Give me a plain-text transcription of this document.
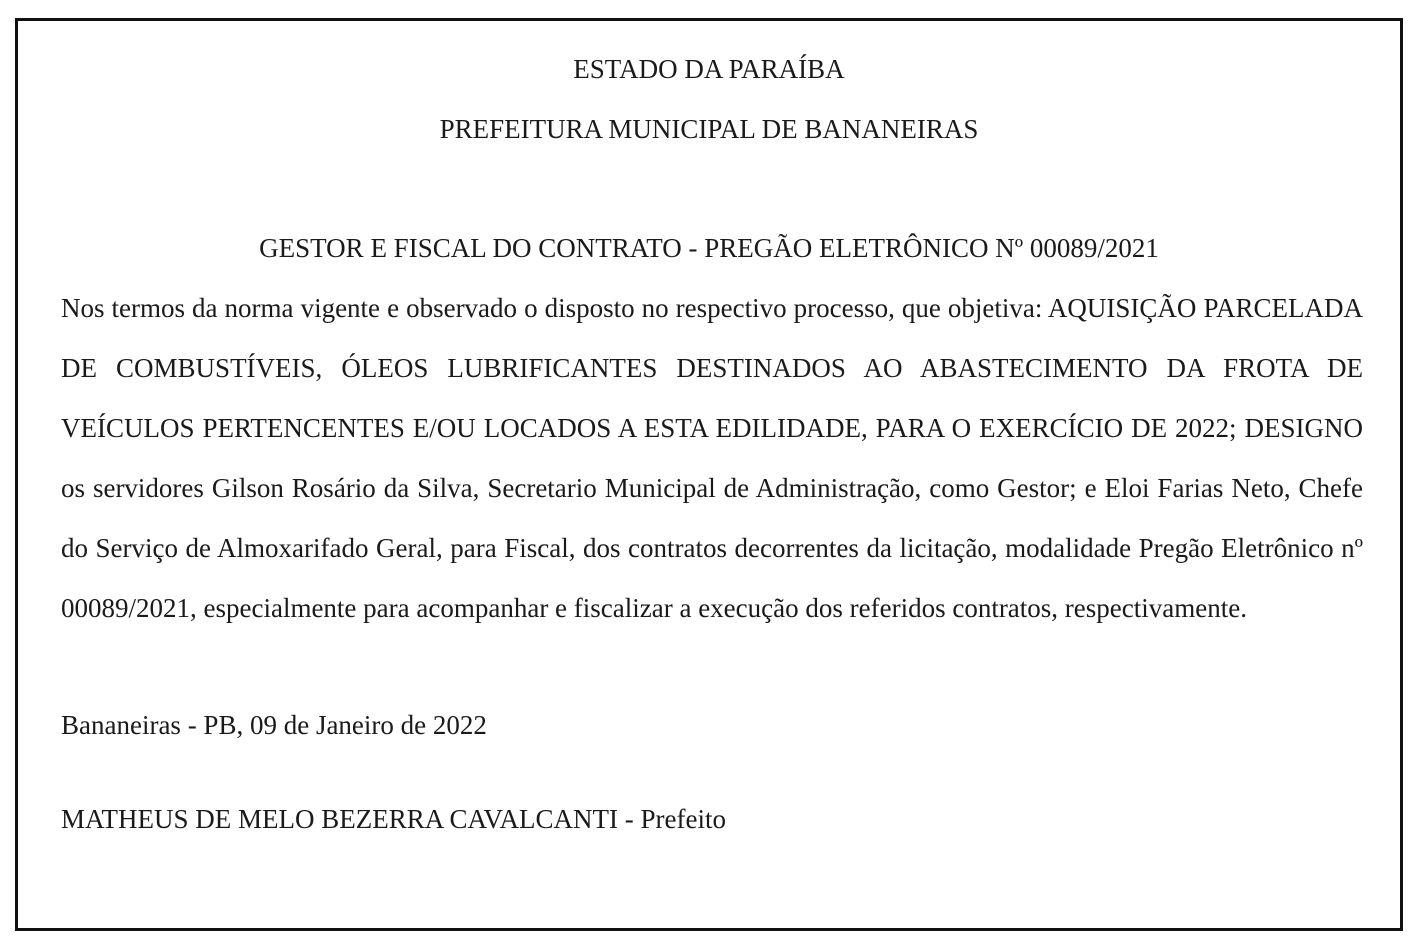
ESTADO DA PARAÍBA
PREFEITURA MUNICIPAL DE BANANEIRAS
GESTOR E FISCAL DO CONTRATO - PREGÃO ELETRÔNICO Nº 00089/2021
Nos termos da norma vigente e observado o disposto no respectivo processo, que objetiva: AQUISIÇÃO PARCELADA DE COMBUSTÍVEIS, ÓLEOS LUBRIFICANTES DESTINADOS AO ABASTECIMENTO DA FROTA DE VEÍCULOS PERTENCENTES E/OU LOCADOS A ESTA EDILIDADE, PARA O EXERCÍCIO DE 2022; DESIGNO os servidores Gilson Rosário da Silva, Secretario Municipal de Administração, como Gestor; e Eloi Farias Neto, Chefe do Serviço de Almoxarifado Geral, para Fiscal, dos contratos decorrentes da licitação, modalidade Pregão Eletrônico nº 00089/2021, especialmente para acompanhar e fiscalizar a execução dos referidos contratos, respectivamente.
Bananeiras - PB, 09 de Janeiro de 2022
MATHEUS DE MELO BEZERRA CAVALCANTI - Prefeito
